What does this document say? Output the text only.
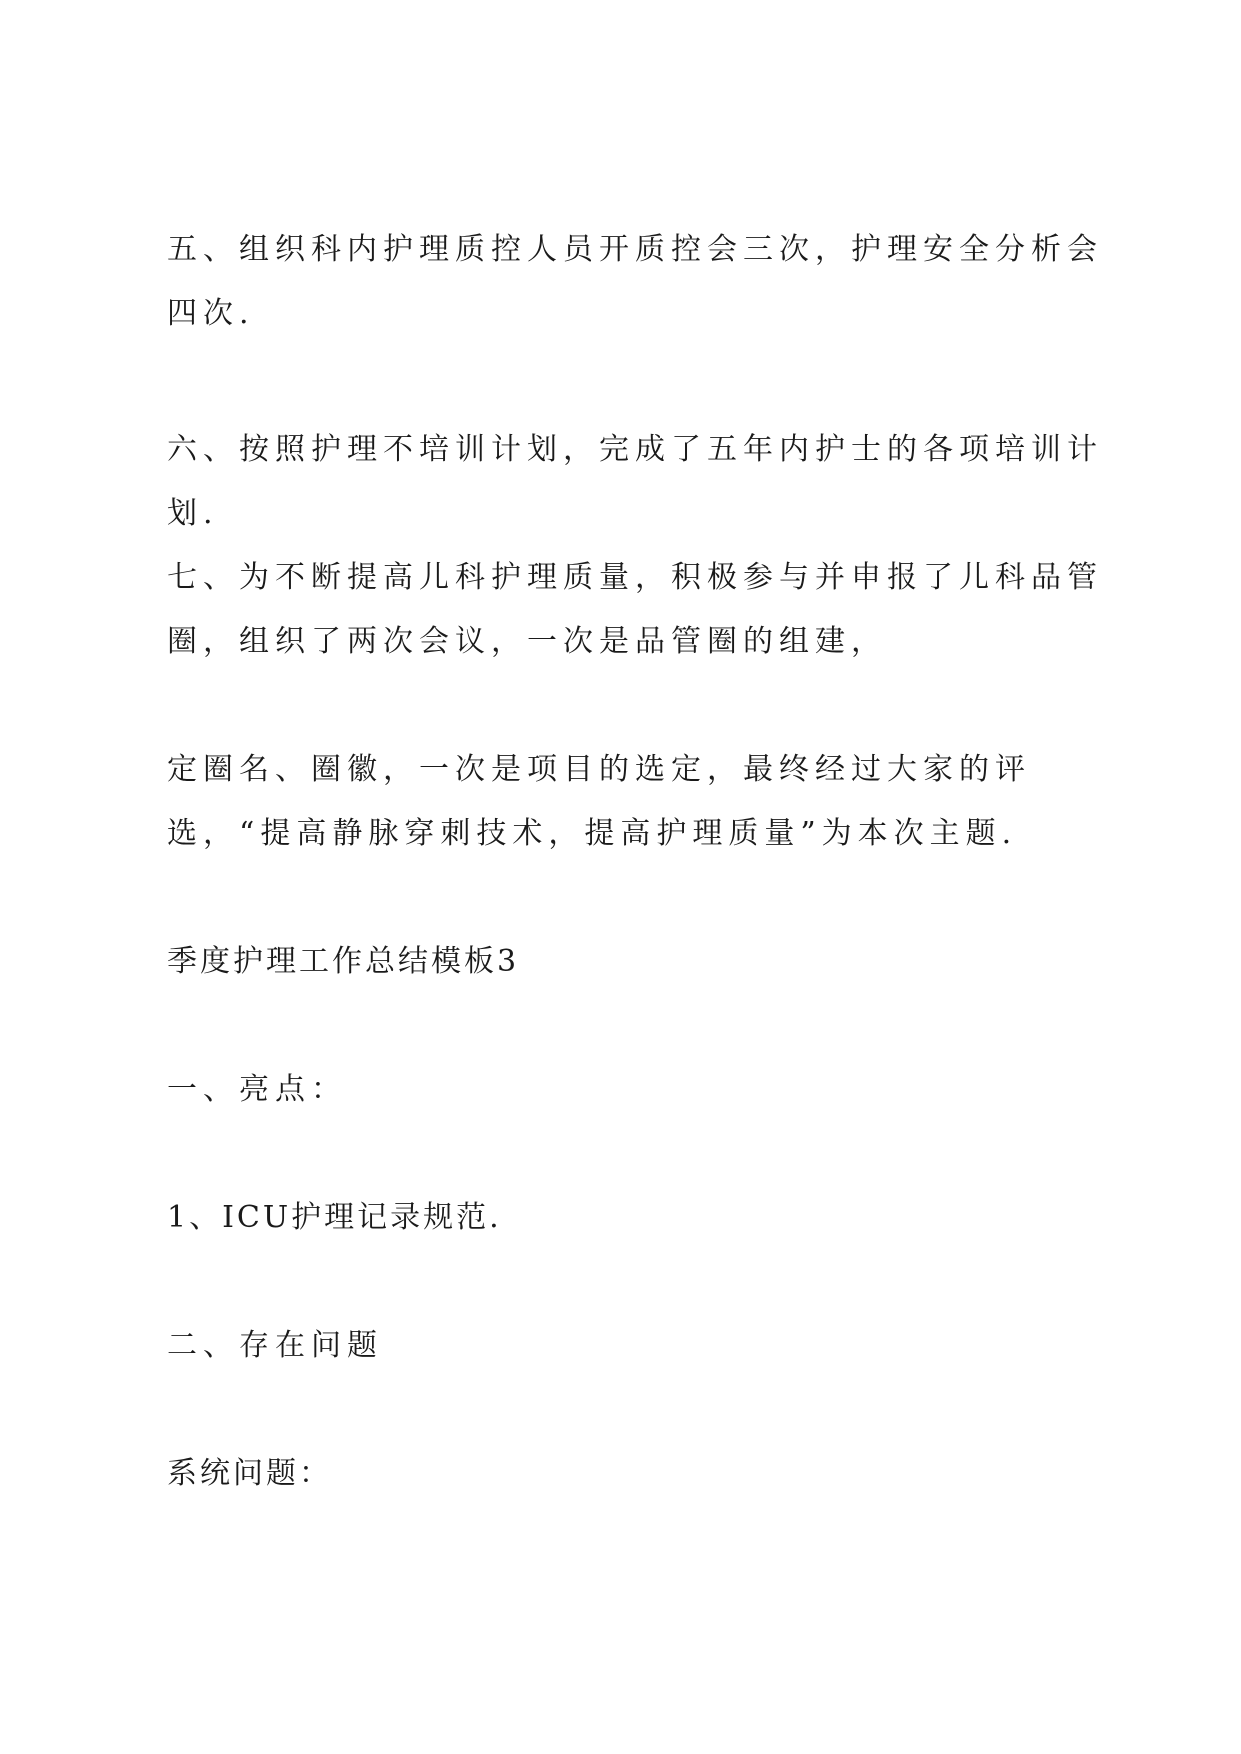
五、组织科内护理质控人员开质控会三次，护理安全分析会四次.

六、按照护理不培训计划，完成了五年内护士的各项培训计划.

七、为不断提高儿科护理质量，积极参与并申报了儿科品管圈，组织了两次会议，一次是品管圈的组建，

定圈名、圈徽，一次是项目的选定，最终经过大家的评选，“提高静脉穿刺技术，提高护理质量”为本次主题.

季度护理工作总结模板3

一、亮点：

1、ICU护理记录规范.

二、存在问题

系统问题：
